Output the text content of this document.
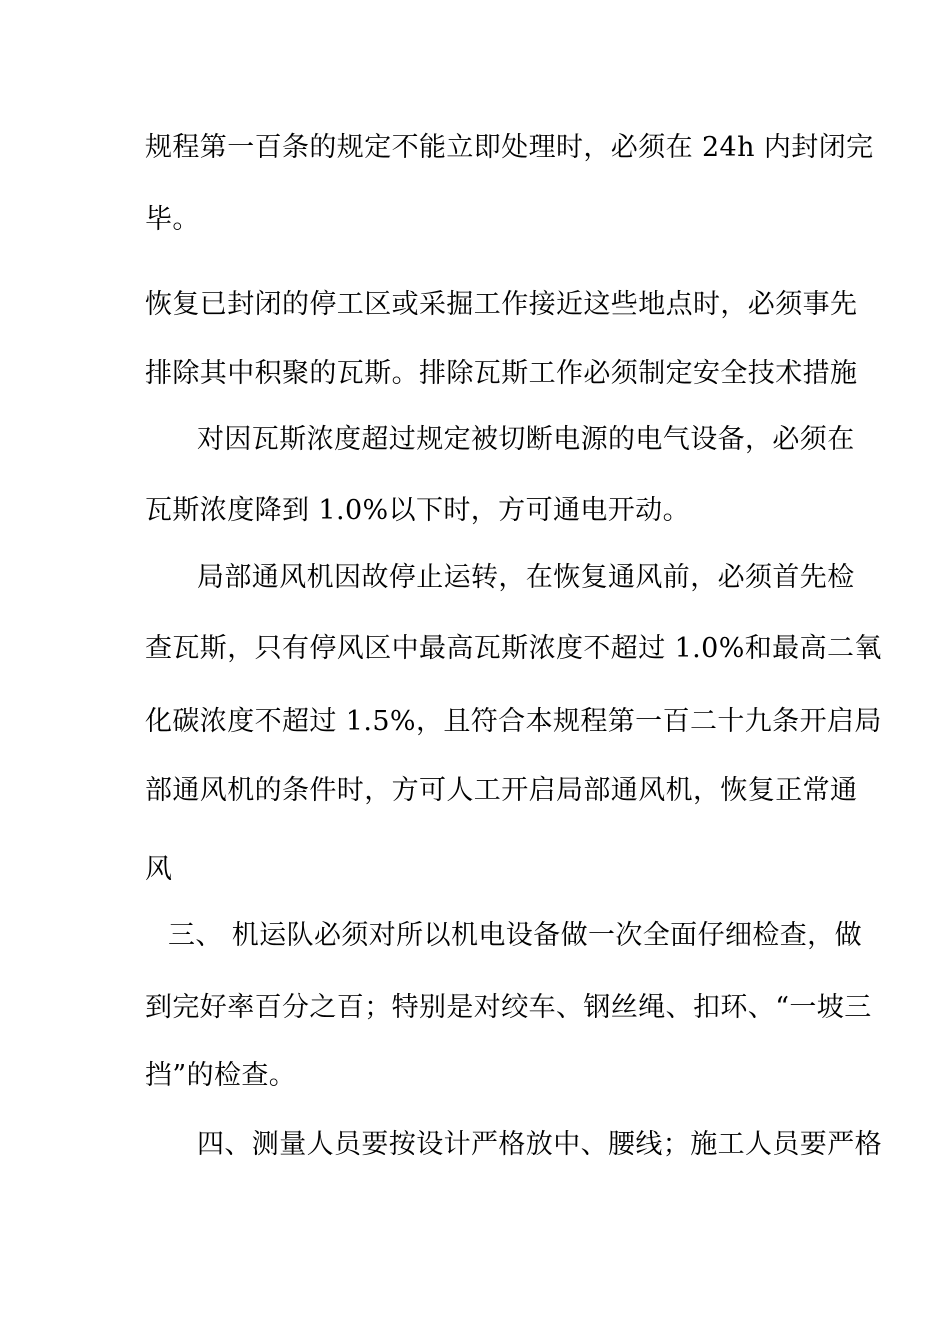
规程第一百条的规定不能立即处理时，必须在 24h 内封闭完
毕。
恢复已封闭的停工区或采掘工作接近这些地点时，必须事先
排除其中积聚的瓦斯。排除瓦斯工作必须制定安全技术措施
对因瓦斯浓度超过规定被切断电源的电气设备，必须在
瓦斯浓度降到 1.0%以下时，方可通电开动。
局部通风机因故停止运转，在恢复通风前，必须首先检
查瓦斯，只有停风区中最高瓦斯浓度不超过 1.0%和最高二氧
化碳浓度不超过 1.5%，且符合本规程第一百二十九条开启局
部通风机的条件时，方可人工开启局部通风机，恢复正常通
风
三、 机运队必须对所以机电设备做一次全面仔细检查，做
到完好率百分之百；特别是对绞车、钢丝绳、扣环、“一坡三
挡”的检查。
四、测量人员要按设计严格放中、腰线；施工人员要严格
